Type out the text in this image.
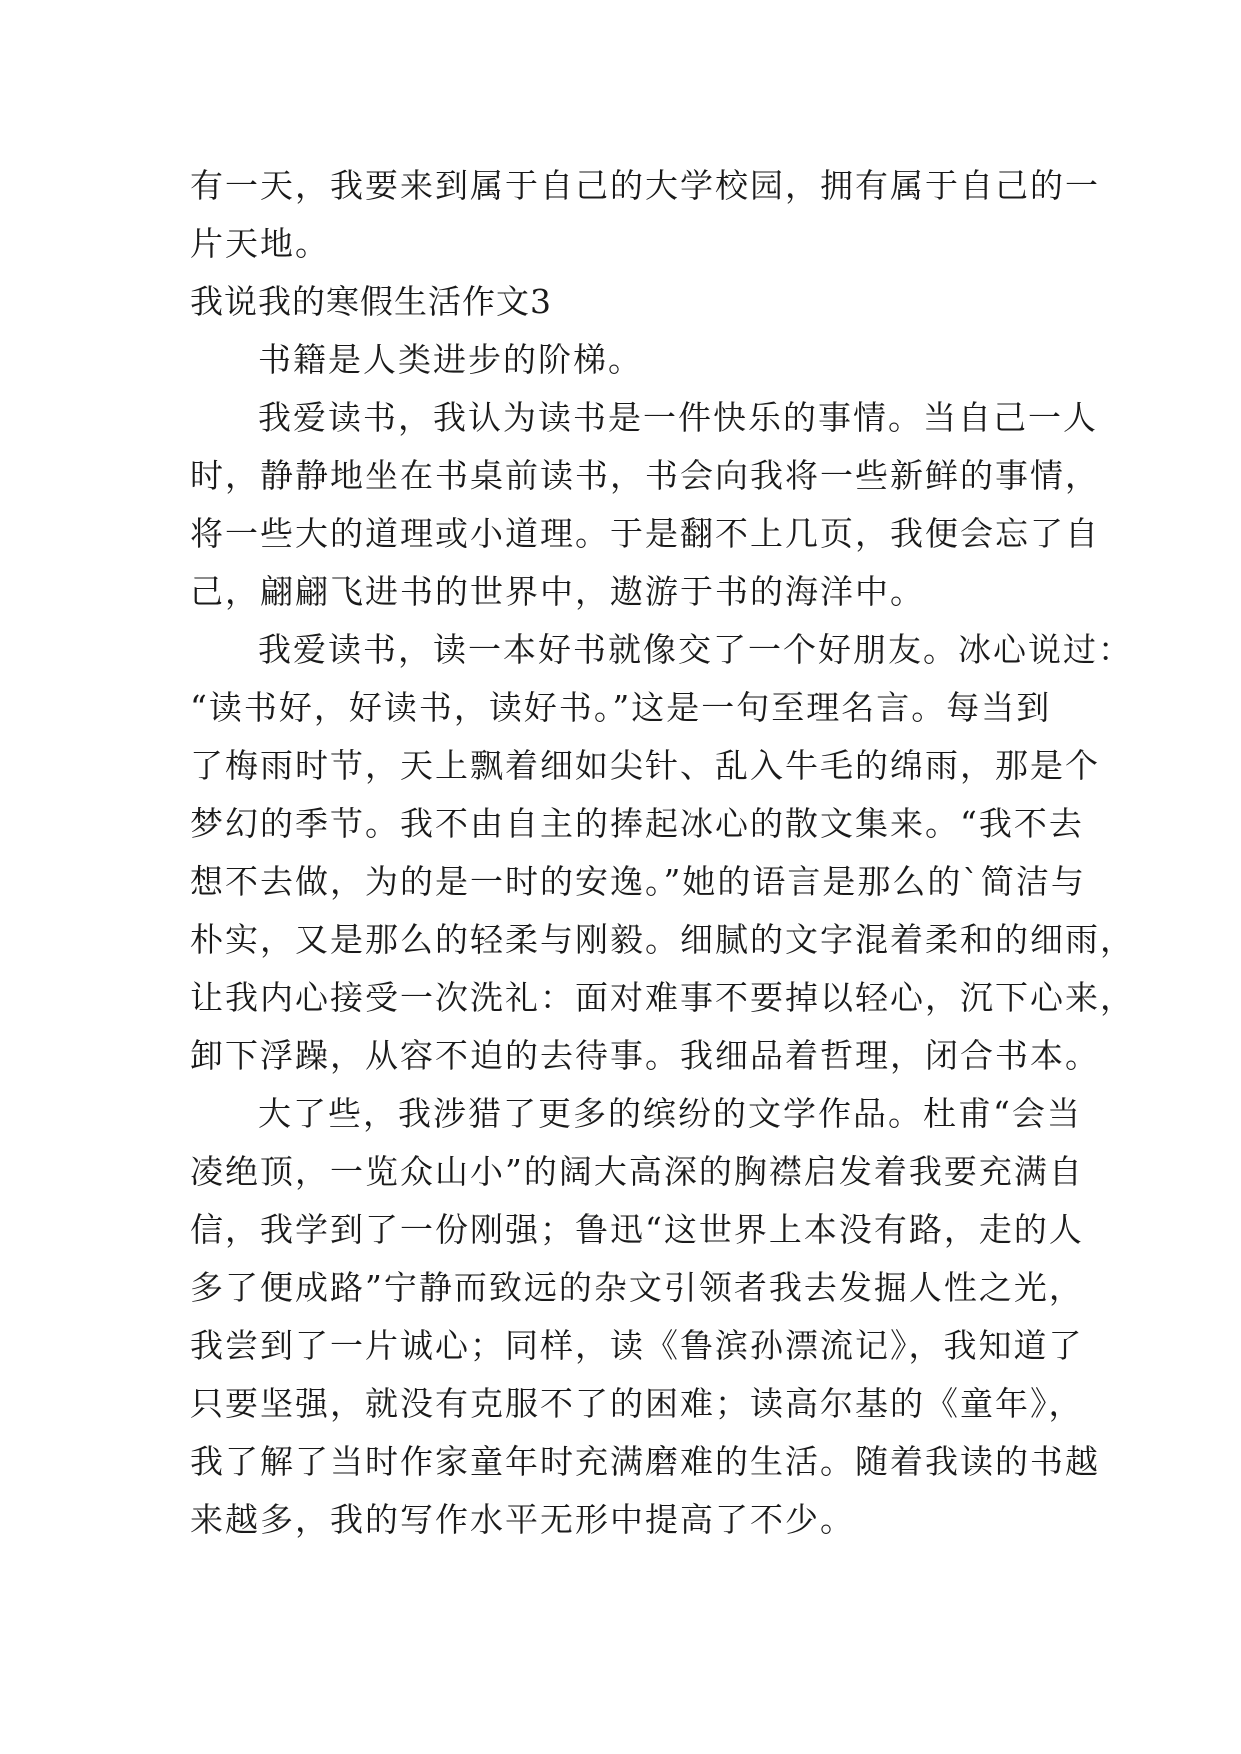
有一天，我要来到属于自己的大学校园，拥有属于自己的一
片天地。
我说我的寒假生活作文3
书籍是人类进步的阶梯。
我爱读书，我认为读书是一件快乐的事情。当自己一人
时，静静地坐在书桌前读书，书会向我将一些新鲜的事情，
将一些大的道理或小道理。于是翻不上几页，我便会忘了自
己，翩翩飞进书的世界中，遨游于书的海洋中。
我爱读书，读一本好书就像交了一个好朋友。冰心说过：
“读书好，好读书，读好书。”这是一句至理名言。每当到
了梅雨时节，天上飘着细如尖针、乱入牛毛的绵雨，那是个
梦幻的季节。我不由自主的捧起冰心的散文集来。“我不去
想不去做，为的是一时的安逸。”她的语言是那么的`简洁与
朴实，又是那么的轻柔与刚毅。细腻的文字混着柔和的细雨，
让我内心接受一次洗礼：面对难事不要掉以轻心，沉下心来，
卸下浮躁，从容不迫的去待事。我细品着哲理，闭合书本。
大了些，我涉猎了更多的缤纷的文学作品。杜甫“会当
凌绝顶，一览众山小”的阔大高深的胸襟启发着我要充满自
信，我学到了一份刚强；鲁迅“这世界上本没有路，走的人
多了便成路”宁静而致远的杂文引领者我去发掘人性之光，
我尝到了一片诚心；同样，读《鲁滨孙漂流记》，我知道了
只要坚强，就没有克服不了的困难；读高尔基的《童年》，
我了解了当时作家童年时充满磨难的生活。随着我读的书越
来越多，我的写作水平无形中提高了不少。
